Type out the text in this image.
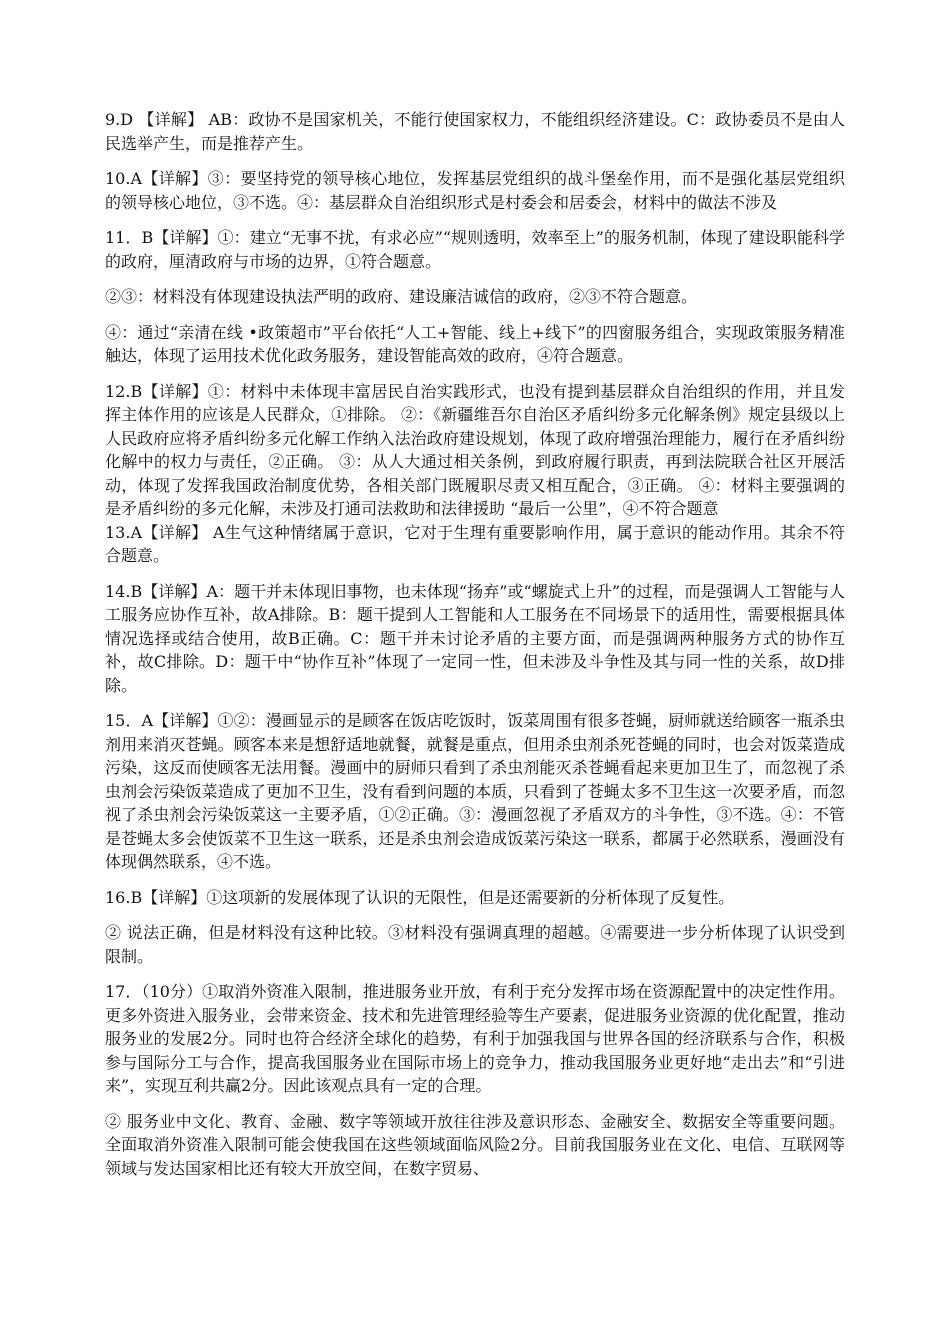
9.D 【详解】 AB：政协不是国家机关，不能行使国家权力，不能组织经济建设。C：政协委员不是由人民选举产生，而是推荐产生。

10.A【详解】③：要坚持党的领导核心地位，发挥基层党组织的战斗堡垒作用，而不是强化基层党组织的领导核心地位，③不选。④：基层群众自治组织形式是村委会和居委会，材料中的做法不涉及

11．B【详解】①：建立“无事不扰，有求必应”“规则透明，效率至上”的服务机制，体现了建设职能科学的政府，厘清政府与市场的边界，①符合题意。

②③：材料没有体现建设执法严明的政府、建设廉洁诚信的政府，②③不符合题意。

④：通过“亲清在线 •政策超市”平台依托“人工+智能、线上+线下”的四窗服务组合，实现政策服务精准触达，体现了运用技术优化政务服务，建设智能高效的政府，④符合题意。

12.B【详解】①：材料中未体现丰富居民自治实践形式，也没有提到基层群众自治组织的作用，并且发挥主体作用的应该是人民群众，①排除。 ②：《新疆维吾尔自治区矛盾纠纷多元化解条例》规定县级以上人民政府应将矛盾纠纷多元化解工作纳入法治政府建设规划，体现了政府增强治理能力，履行在矛盾纠纷化解中的权力与责任，②正确。 ③：从人大通过相关条例，到政府履行职责，再到法院联合社区开展活动，体现了发挥我国政治制度优势，各相关部门既履职尽责又相互配合，③正确。 ④：材料主要强调的是矛盾纠纷的多元化解，未涉及打通司法救助和法律援助 “最后一公里”，④不符合题意

13.A【详解】 A生气这种情绪属于意识，它对于生理有重要影响作用，属于意识的能动作用。其余不符合题意。

14.B【详解】A：题干并未体现旧事物，也未体现“扬弃”或“螺旋式上升”的过程，而是强调人工智能与人工服务应协作互补，故A排除。B：题干提到人工智能和人工服务在不同场景下的适用性，需要根据具体情况选择或结合使用，故B正确。C：题干并未讨论矛盾的主要方面，而是强调两种服务方式的协作互补，故C排除。D：题干中“协作互补”体现了一定同一性，但未涉及斗争性及其与同一性的关系，故D排除。

15．A【详解】①②：漫画显示的是顾客在饭店吃饭时，饭菜周围有很多苍蝇，厨师就送给顾客一瓶杀虫剂用来消灭苍蝇。顾客本来是想舒适地就餐，就餐是重点，但用杀虫剂杀死苍蝇的同时，也会对饭菜造成污染，这反而使顾客无法用餐。漫画中的厨师只看到了杀虫剂能灭杀苍蝇看起来更加卫生了，而忽视了杀虫剂会污染饭菜造成了更加不卫生，没有看到问题的本质，只看到了苍蝇太多不卫生这一次要矛盾，而忽视了杀虫剂会污染饭菜这一主要矛盾，①②正确。③：漫画忽视了矛盾双方的斗争性，③不选。④：不管是苍蝇太多会使饭菜不卫生这一联系，还是杀虫剂会造成饭菜污染这一联系，都属于必然联系，漫画没有体现偶然联系，④不选。

16.B【详解】①这项新的发展体现了认识的无限性，但是还需要新的分析体现了反复性。

② 说法正确，但是材料没有这种比较。③材料没有强调真理的超越。④需要进一步分析体现了认识受到限制。

17．（10分）①取消外资准入限制，推进服务业开放，有利于充分发挥市场在资源配置中的决定性作用。更多外资进入服务业，会带来资金、技术和先进管理经验等生产要素，促进服务业资源的优化配置，推动服务业的发展2分。同时也符合经济全球化的趋势，有利于加强我国与世界各国的经济联系与合作，积极参与国际分工与合作，提高我国服务业在国际市场上的竞争力，推动我国服务业更好地“走出去”和“引进来”，实现互利共赢2分。因此该观点具有一定的合理。

② 服务业中文化、教育、金融、数字等领域开放往往涉及意识形态、金融安全、数据安全等重要问题。全面取消外资准入限制可能会使我国在这些领域面临风险2分。目前我国服务业在文化、电信、互联网等领域与发达国家相比还有较大开放空间，在数字贸易、
